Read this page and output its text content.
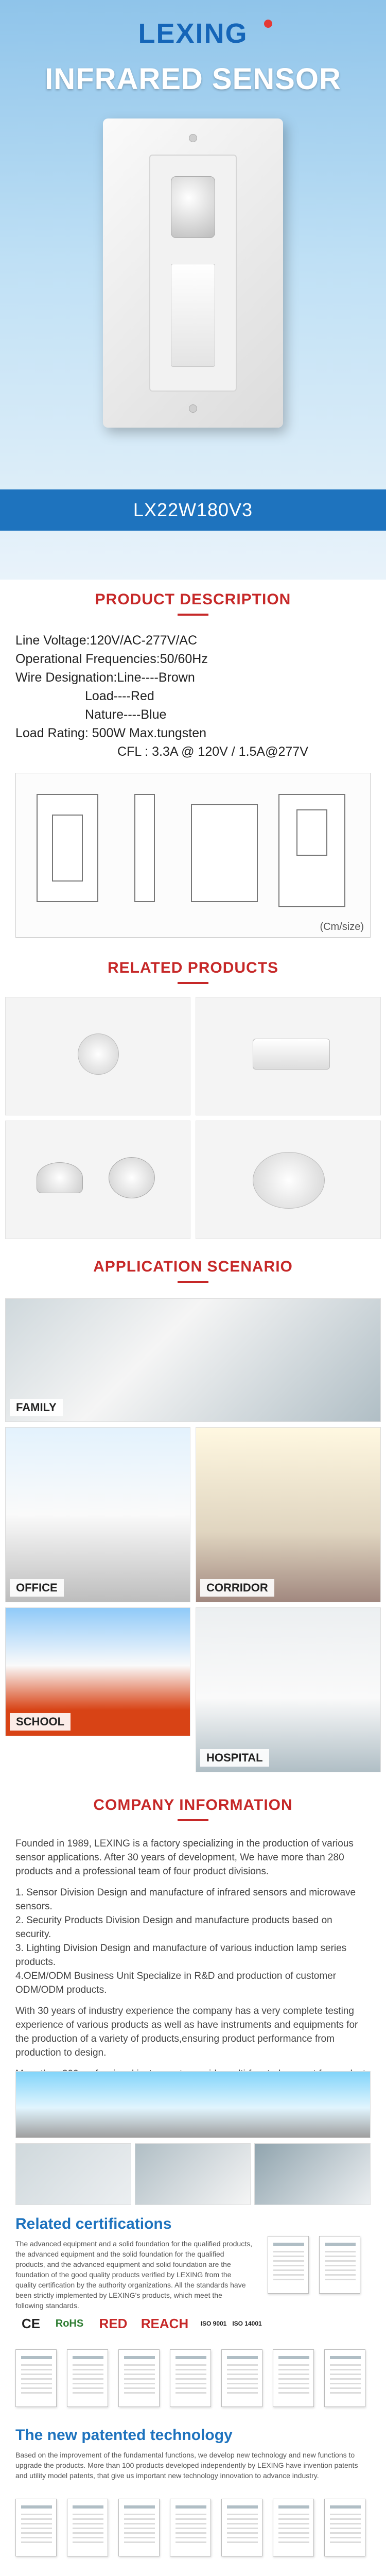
LEXING
INFRARED SENSOR
LX22W180V3
PRODUCT DESCRIPTION
Line Voltage:120V/AC-277V/AC
Operational Frequencies:50/60Hz
Wire Designation:Line----Brown
Load----Red
Nature----Blue
Load Rating: 500W Max.tungsten
CFL : 3.3A @ 120V / 1.5A@277V
(Cm/size)
RELATED PRODUCTS
APPLICATION SCENARIO
FAMILY
OFFICE	CORRIDOR
SCHOOL
HOSPITAL
COMPANY INFORMATION

Founded in 1989, LEXING is a factory specializing in the production of various sensor applications. After 30 years of development, We have more than 280 products and a professional team of four product divisions.

1. Sensor Division Design and manufacture of infrared sensors and microwave sensors.

2. Security Products Division Design and manufacture products based on security.

3. Lighting Division Design and manufacture of various induction lamp series products.

4.OEM/ODM Business Unit Specialize in R&D and production of customer ODM/ODM products.

With 30 years of industry experience the company has a very complete testing experience of various products as well as have instruments and equipments for the production of a variety of products,ensuring product performance from production to design.

Related certifications
The advanced equipment and a solid foundation for the qualified products, the advanced equipment and the solid foundation for the qualified products, and the advanced equipment and solid foundation are the foundation of the good quality products verified by LEXING from the quality certification by the authority organizations. All the standards have been strictly implemented by LEXING's products, which meet the following standards.
CE	RoHS	RED	REACH	ISO 9001 ISO 14001
The new patented technology
Based on the improvement of the fundamental functions, we develop new technology and new functions to upgrade the products. More than 100 products developed independently by LEXING have invention patents and utility model patents, that give us important new technology innovation to advance industry.
